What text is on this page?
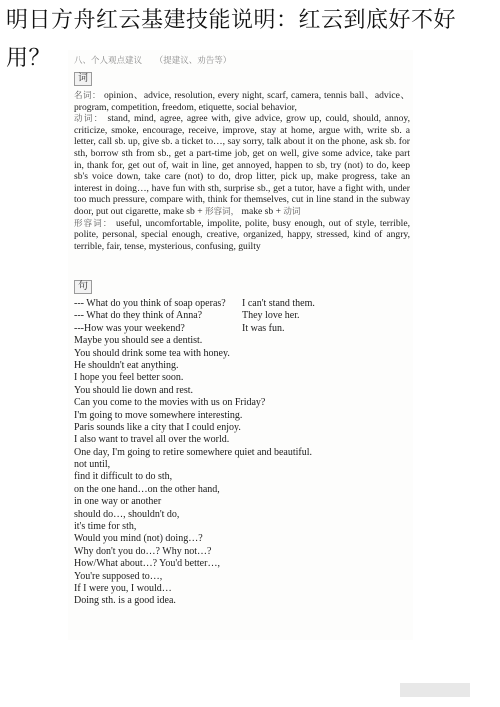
明日方舟红云基建技能说明：红云到底好不好用？	八、个人观点建议　　（提建议、劝告等）
词

名词： opinion、advice, resolution, every night, scarf, camera, tennis ball、advice、program, competition, freedom, etiquette, social behavior,

动词： stand, mind, agree, agree with, give advice, grow up, could, should, annoy, criticize, smoke, encourage, receive, improve, stay at home, argue with, write sb. a letter, call sb. up, give sb. a ticket to…, say sorry, talk about it on the phone, ask sb. for sth, borrow sth from sb., get a part-time job, get on well, give some advice, take part in, thank for, get out of, wait in line, get annoyed, happen to sb, try (not) to do, keep sb's voice down, take care (not) to do, drop litter, pick up, make progress, take an interest in doing…, have fun with sth, surprise sb., get a tutor, have a fight with, under too much pressure, compare with, think for themselves, cut in line stand in the subway door, put out cigarette, make sb + 形容词， make sb + 动词

形容词： useful, uncomfortable, impolite, polite, busy enough, out of style, terrible, polite, personal, special enough, creative, organized, happy, stressed, kind of angry, terrible, fair, tense, mysterious, confusing, guilty

句
--- What do you think of soap operas? I can't stand them.
--- What do they think of Anna?	They love her.
---How was your weekend?	It was fun.
Maybe you should see a dentist.
You should drink some tea with honey.
He shouldn't eat anything.
I hope you feel better soon.
You should lie down and rest.
Can you come to the movies with us on Friday?
I'm going to move somewhere interesting.
Paris sounds like a city that I could enjoy.
I also want to travel all over the world.
One day, I'm going to retire somewhere quiet and beautiful.
not until,
find it difficult to do sth,
on the one hand…on the other hand,
in one way or another
should do…, shouldn't do,
it's time for sth,
Would you mind (not) doing…?
Why don't you do…? Why not…?
How/What about…? You'd better…,
You're supposed to…,
If I were you, I would…
Doing sth. is a good idea.
